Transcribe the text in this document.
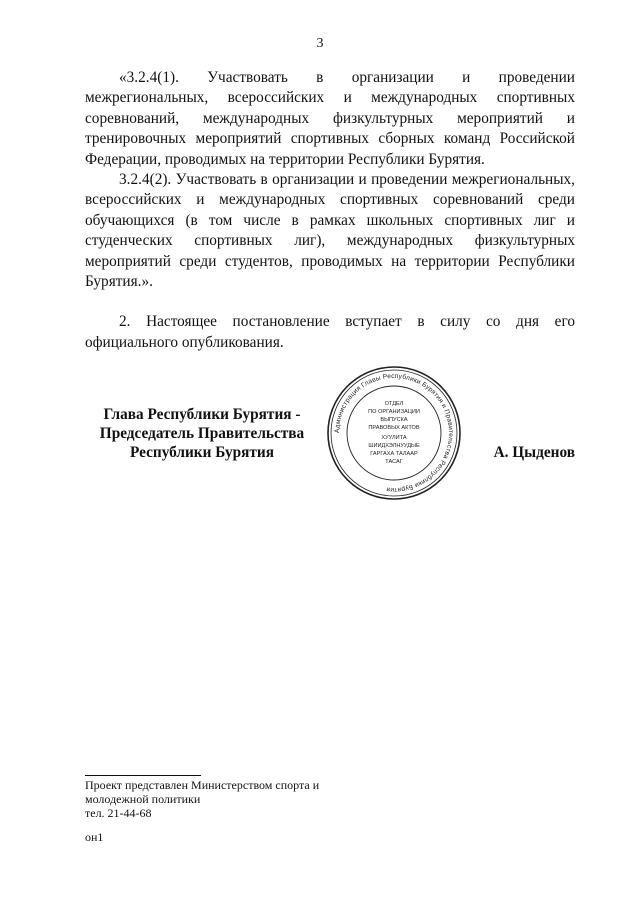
3

«3.2.4(1). Участвовать в организации и проведении межрегиональных, всероссийских и международных спортивных соревнований, международных физкультурных мероприятий и тренировочных мероприятий спортивных сборных команд Российской Федерации, проводимых на территории Республики Бурятия.

3.2.4(2). Участвовать в организации и проведении межрегиональных, всероссийских и международных спортивных соревнований среди обучающихся (в том числе в рамках школьных спортивных лиг и студенческих спортивных лиг), международных физкультурных мероприятий среди студентов, проводимых на территории Республики Бурятия.».

2. Настоящее постановление вступает в силу со дня его официального опубликования.

Глава Республики Бурятия -
Председатель Правительства
Республики Бурятия
Администрация Главы Республики Бурятия и Правительства Республики Бурятия
ОТДЕЛ
ПО ОРГАНИЗАЦИИ
ВЫПУСКА
ПРАВОВЫХ АКТОВ
ХУУЛИТА
ШИИДХЭЛНУУДЫЕ
ГАРГАХА ТАЛААР
ТАСАГ
А. Цыденов
Проект представлен Министерством спорта и
молодежной политики
тел. 21-44-68
он1
